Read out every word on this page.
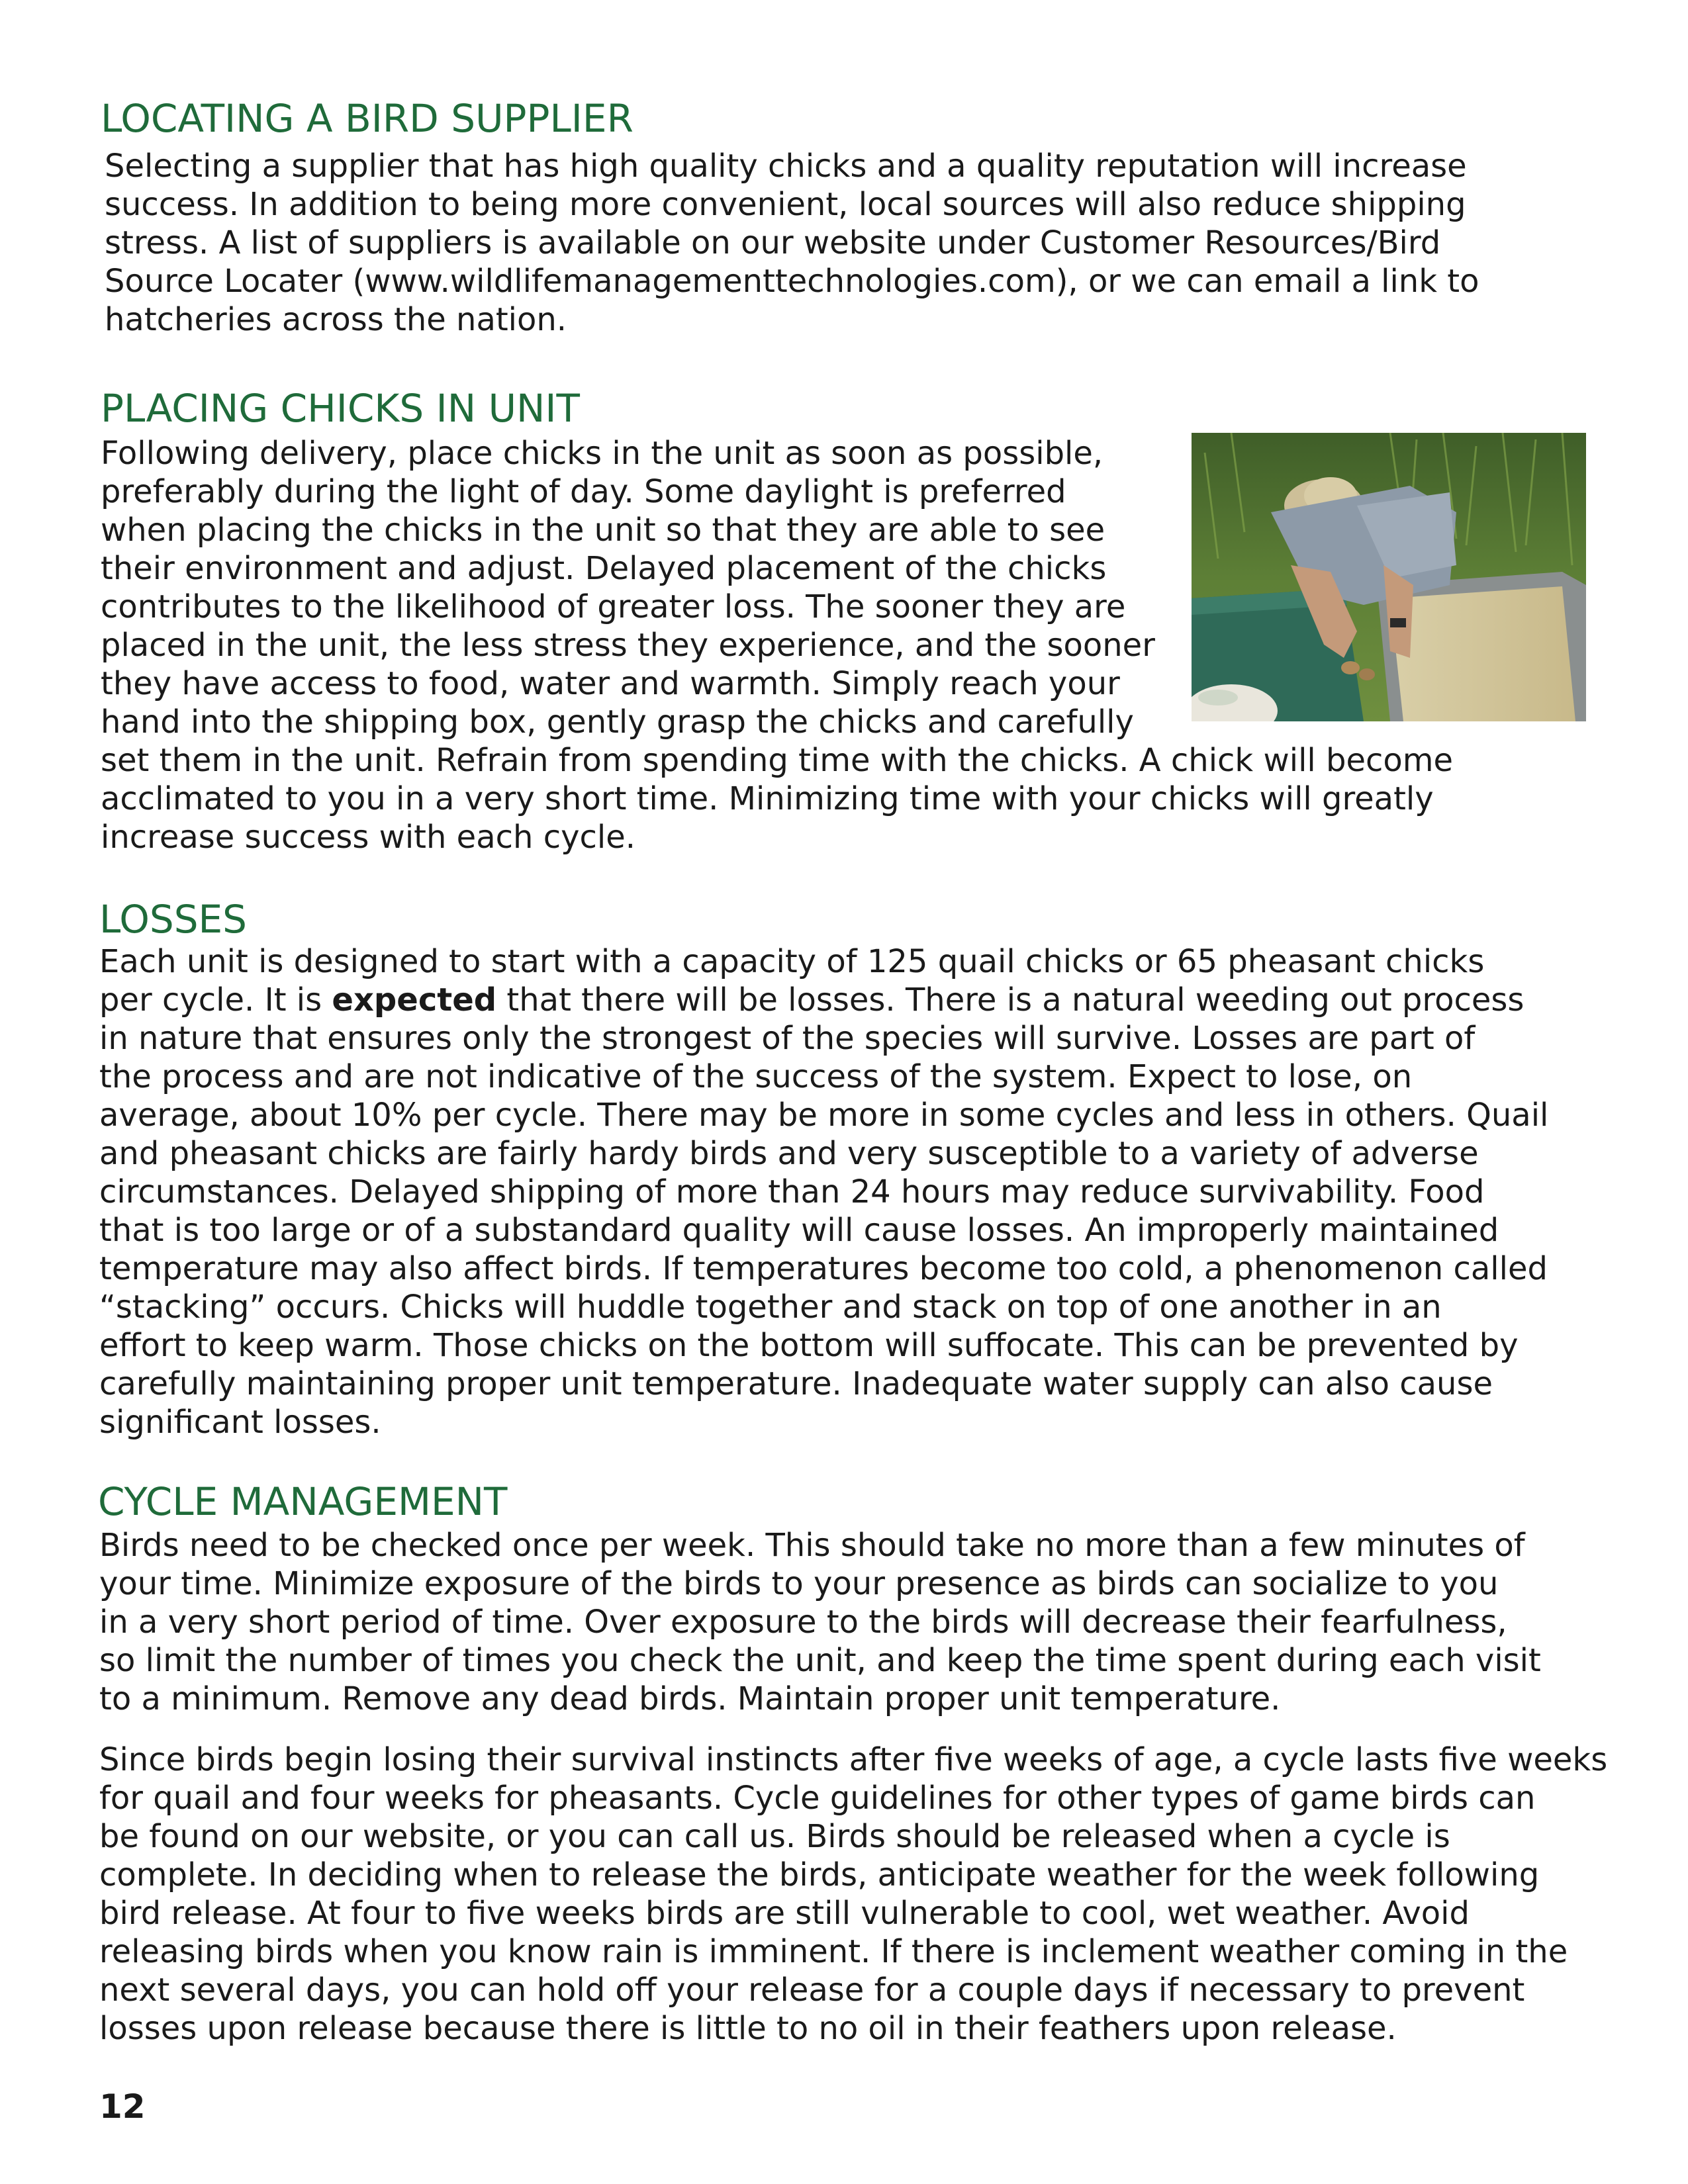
LOCATING A BIRD SUPPLIER
Selecting a supplier that has high quality chicks and a quality reputation will increase
success. In addition to being more convenient, local sources will also reduce shipping
stress. A list of suppliers is available on our website under Customer Resources/Bird
Source Locater (www.wildlifemanagementtechnologies.com), or we can email a link to
hatcheries across the nation.
PLACING CHICKS IN UNIT
Following delivery, place chicks in the unit as soon as possible,
preferably during the light of day. Some daylight is preferred
when placing the chicks in the unit so that they are able to see
their environment and adjust. Delayed placement of the chicks
contributes to the likelihood of greater loss. The sooner they are
placed in the unit, the less stress they experience, and the sooner
they have access to food, water and warmth. Simply reach your
hand into the shipping box, gently grasp the chicks and carefully
set them in the unit. Refrain from spending time with the chicks. A chick will become
acclimated to you in a very short time. Minimizing time with your chicks will greatly
increase success with each cycle.
LOSSES
Each unit is designed to start with a capacity of 125 quail chicks or 65 pheasant chicks
per cycle. It is expected that there will be losses. There is a natural weeding out process
in nature that ensures only the strongest of the species will survive. Losses are part of
the process and are not indicative of the success of the system. Expect to lose, on
average, about 10% per cycle. There may be more in some cycles and less in others. Quail
and pheasant chicks are fairly hardy birds and very susceptible to a variety of adverse
circumstances. Delayed shipping of more than 24 hours may reduce survivability. Food
that is too large or of a substandard quality will cause losses. An improperly maintained
temperature may also affect birds. If temperatures become too cold, a phenomenon called
“stacking” occurs. Chicks will huddle together and stack on top of one another in an
effort to keep warm. Those chicks on the bottom will suffocate. This can be prevented by
carefully maintaining proper unit temperature. Inadequate water supply can also cause
significant losses.
CYCLE MANAGEMENT
Birds need to be checked once per week. This should take no more than a few minutes of
your time. Minimize exposure of the birds to your presence as birds can socialize to you
in a very short period of time. Over exposure to the birds will decrease their fearfulness,
so limit the number of times you check the unit, and keep the time spent during each visit
to a minimum. Remove any dead birds. Maintain proper unit temperature.
Since birds begin losing their survival instincts after five weeks of age, a cycle lasts five weeks
for quail and four weeks for pheasants. Cycle guidelines for other types of game birds can
be found on our website, or you can call us. Birds should be released when a cycle is
complete. In deciding when to release the birds, anticipate weather for the week following
bird release. At four to five weeks birds are still vulnerable to cool, wet weather. Avoid
releasing birds when you know rain is imminent. If there is inclement weather coming in the
next several days, you can hold off your release for a couple days if necessary to prevent
losses upon release because there is little to no oil in their feathers upon release.
12
